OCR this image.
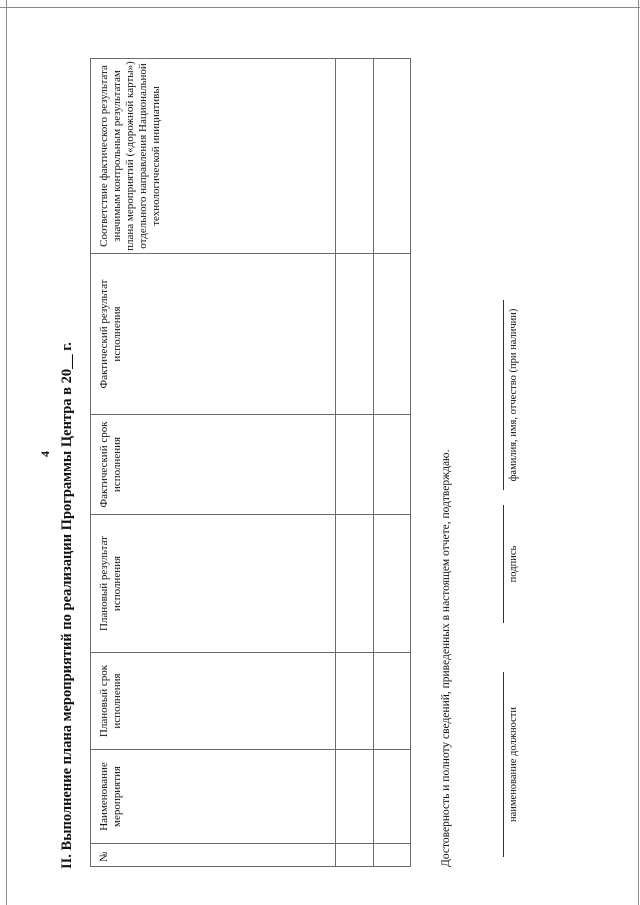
4 II. Выполнение плана мероприятий по реализации Программы Центра в 20__ г. №	Наименование мероприятия	Плановый срок исполнения	Плановый результат исполнения	Фактический срок исполнения	Фактический результат исполнения	Соответствие фактического результата значимым контрольным результатам плана мероприятий («дорожной карты») отдельного направления Национальной технологической инициативы

Достоверность и полноту сведений, приведенных в настоящем отчете, подтверждаю.	наименование должности
подпись
фамилия, имя, отчество (при наличии)
